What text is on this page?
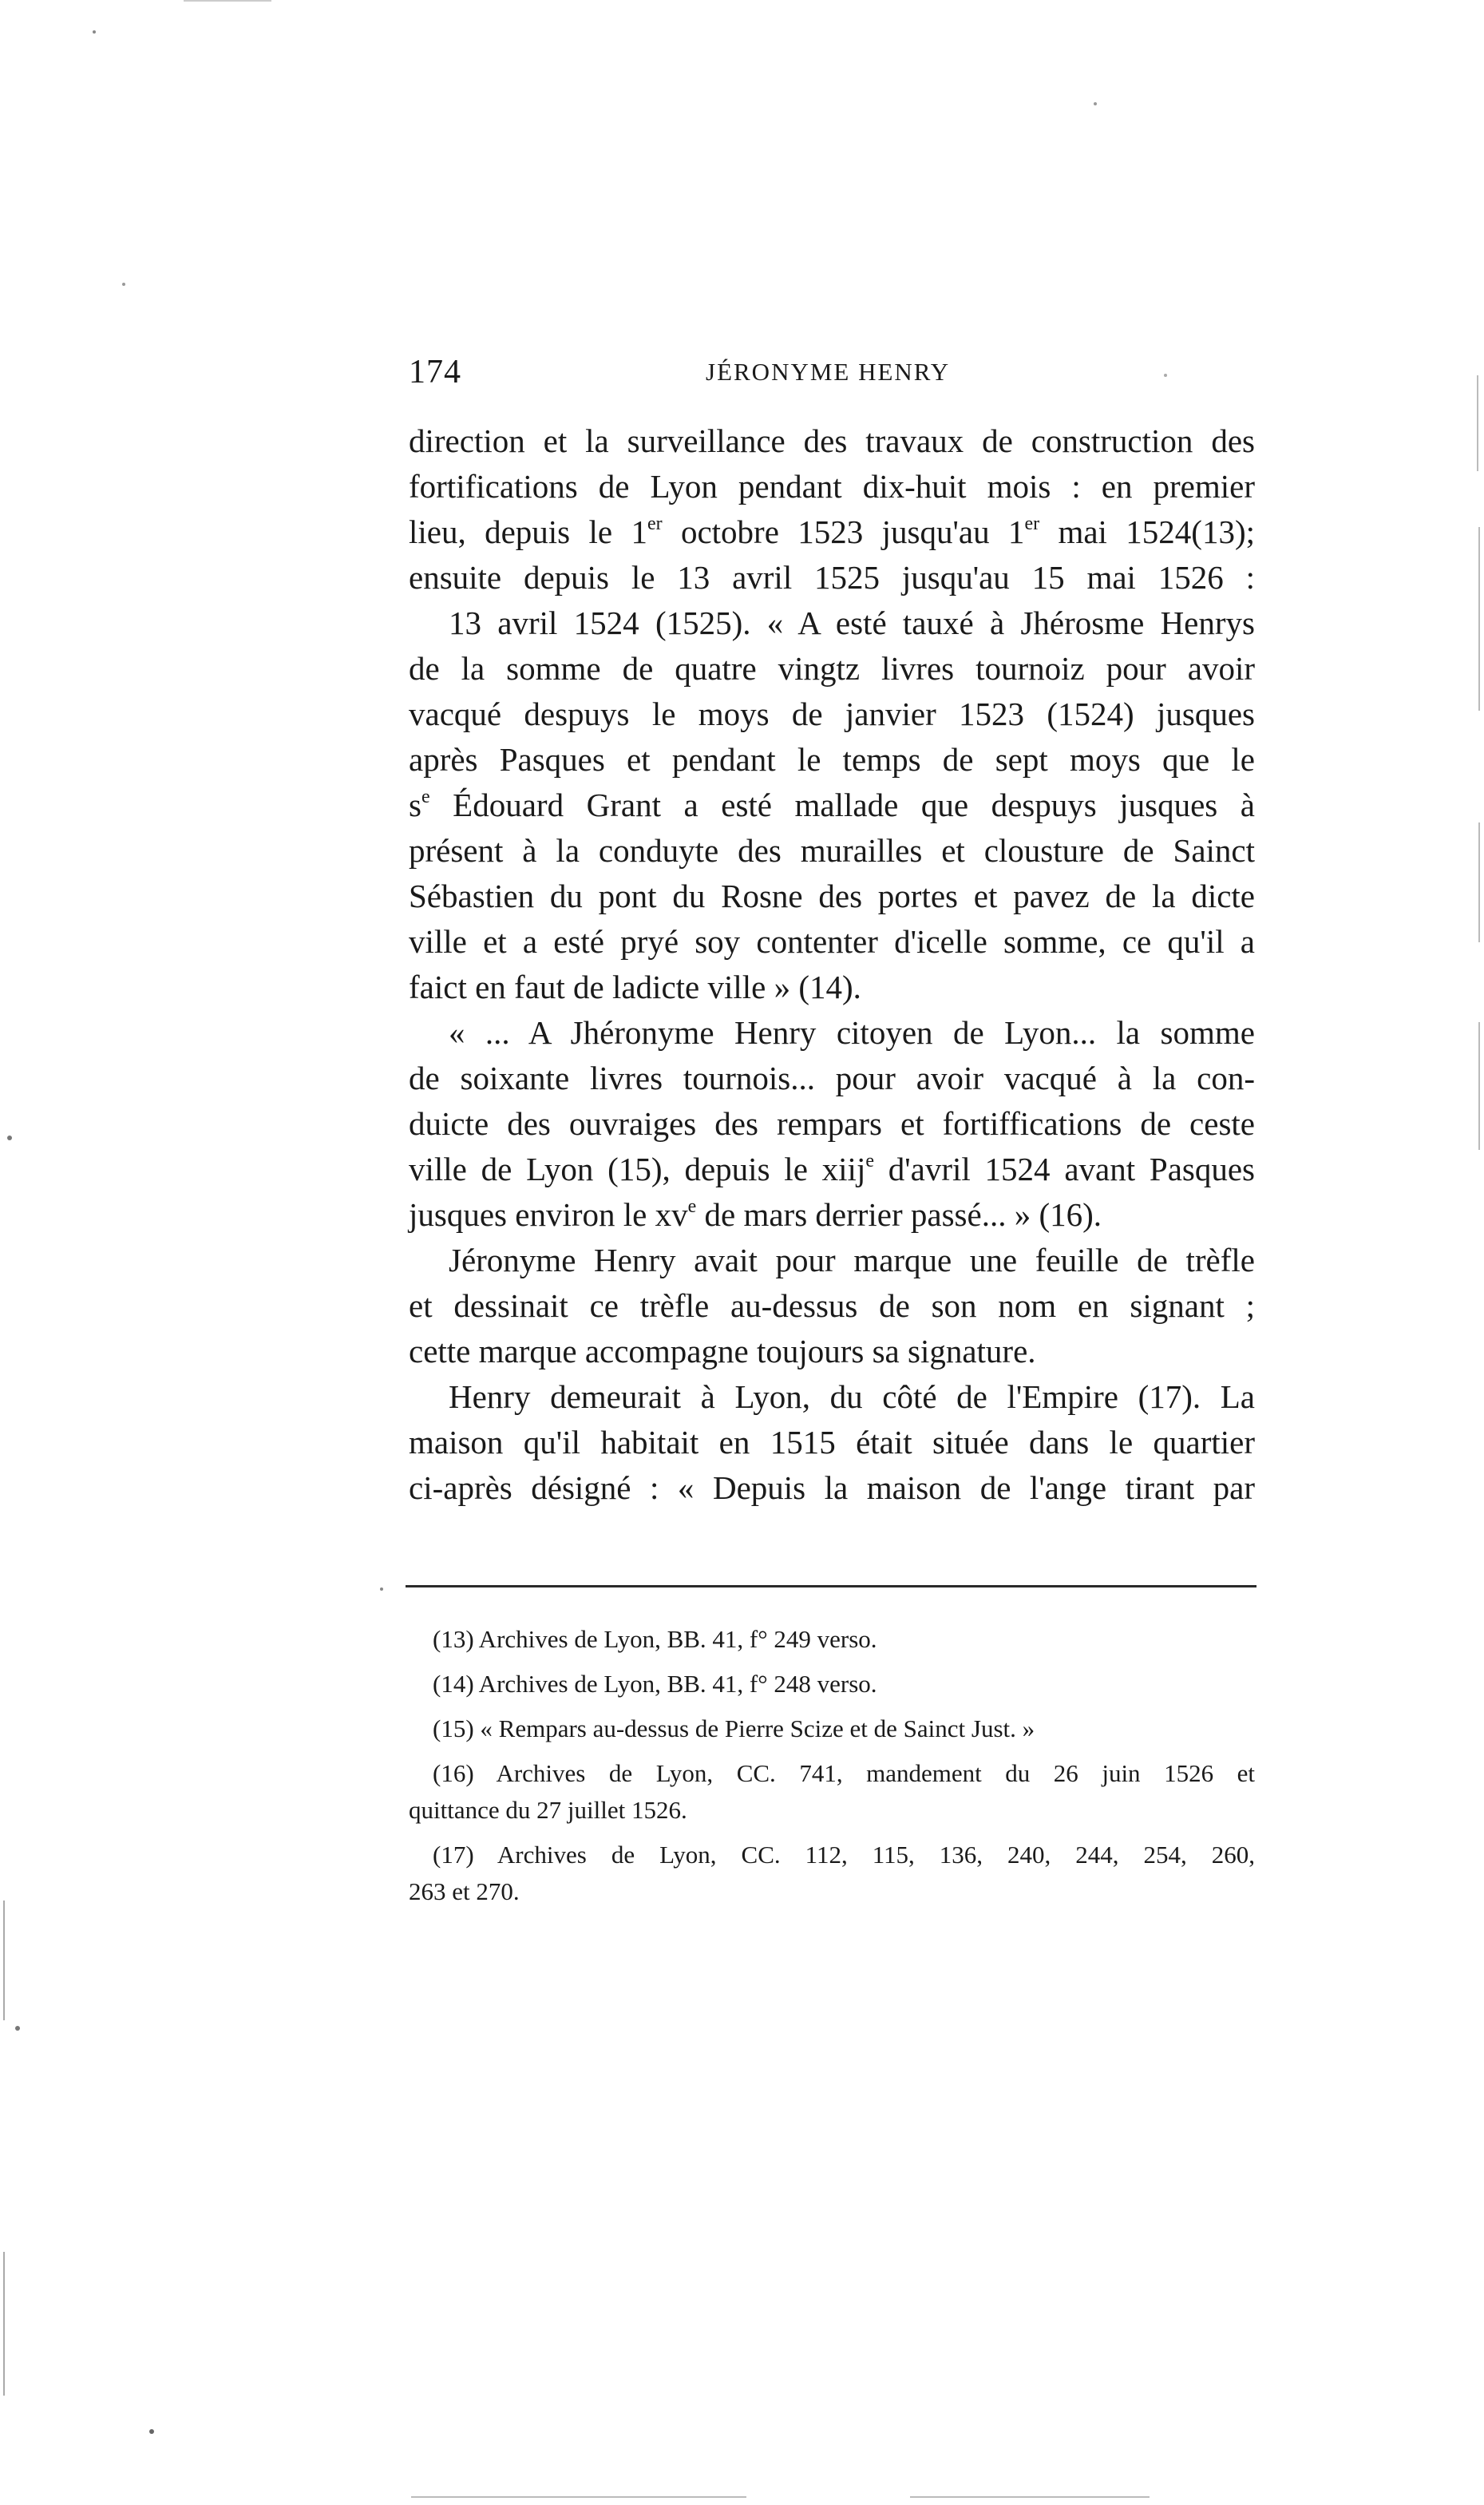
174	JÉRONYME HENRY
direction et la surveillance des travaux de construction des
fortifications de Lyon pendant dix-huit mois : en premier
lieu, depuis le 1er octobre 1523 jusqu'au 1er mai 1524(13);
ensuite depuis le 13 avril 1525 jusqu'au 15 mai 1526 :
13 avril 1524 (1525). « A esté tauxé à Jhérosme Henrys
de la somme de quatre vingtz livres tournoiz pour avoir
vacqué despuys le moys de janvier 1523 (1524) jusques
après Pasques et pendant le temps de sept moys que le
$s^e$ Édouard Grant a esté mallade que despuys jusques à
présent à la conduyte des murailles et clousture de Sainct
Sébastien du pont du Rosne des portes et pavez de la dicte
ville et a esté pryé soy contenter d'icelle somme, ce qu'il a
faict en faut de ladicte ville » (14).
« ... A Jhéronyme Henry citoyen de Lyon... la somme
de soixante livres tournois... pour avoir vacqué à la con-
duicte des ouvraiges des rempars et fortiffications de ceste
ville de Lyon (15), depuis le xiij$^e$ d'avril 1524 avant Pasques
jusques environ le $xv^e$ de mars derrier passé... » (16).
Jéronyme Henry avait pour marque une feuille de trèfle
et dessinait ce trèfle au-dessus de son nom en signant ;
cette marque accompagne toujours sa signature.
Henry demeurait à Lyon, du côté de l'Empire (17). La
maison qu'il habitait en 1515 était située dans le quartier
ci-après désigné : « Depuis la maison de l'ange tirant par
(13) Archives de Lyon, BB. 41, f° 249 verso.
(14) Archives de Lyon, BB. 41, f° 248 verso.
(15) « Rempars au-dessus de Pierre Scize et de Sainct Just. »
(16) Archives de Lyon, CC. 741, mandement du 26 juin 1526 et
quittance du 27 juillet 1526.
(17) Archives de Lyon, CC. 112, 115, 136, 240, 244, 254, 260,
263 et 270.
